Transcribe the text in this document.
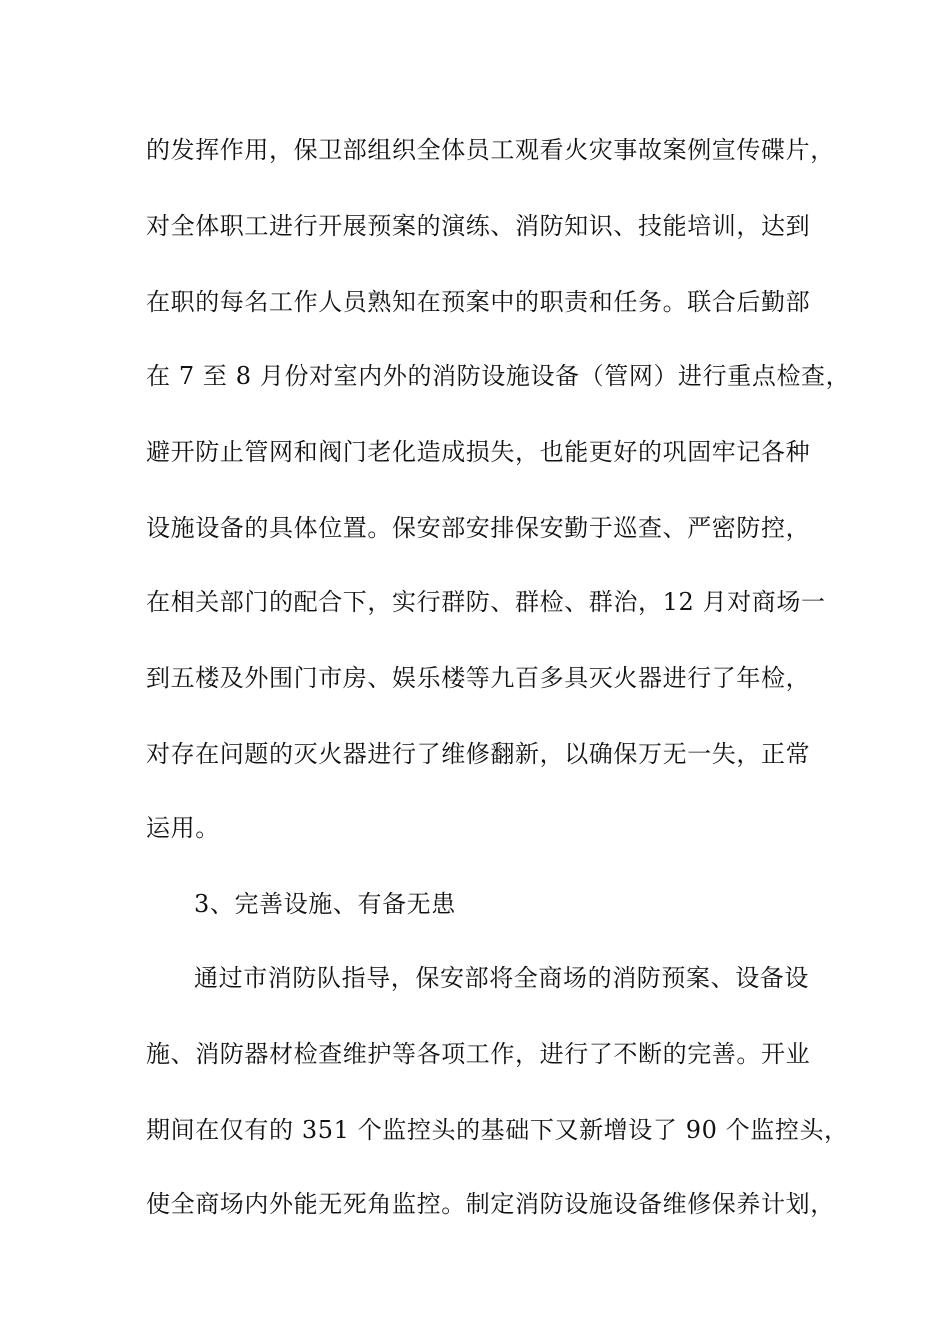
的发挥作用，保卫部组织全体员工观看火灾事故案例宣传碟片，
对全体职工进行开展预案的演练、消防知识、技能培训，达到
在职的每名工作人员熟知在预案中的职责和任务。联合后勤部
在 7 至 8 月份对室内外的消防设施设备（管网）进行重点检查，
避开防止管网和阀门老化造成损失，也能更好的巩固牢记各种
设施设备的具体位置。保安部安排保安勤于巡查、严密防控，
在相关部门的配合下，实行群防、群检、群治，12 月对商场一
到五楼及外围门市房、娱乐楼等九百多具灭火器进行了年检，
对存在问题的灭火器进行了维修翻新，以确保万无一失，正常
运用。
3、完善设施、有备无患
通过市消防队指导，保安部将全商场的消防预案、设备设
施、消防器材检查维护等各项工作，进行了不断的完善。开业
期间在仅有的 351 个监控头的基础下又新增设了 90 个监控头，
使全商场内外能无死角监控。制定消防设施设备维修保养计划，
